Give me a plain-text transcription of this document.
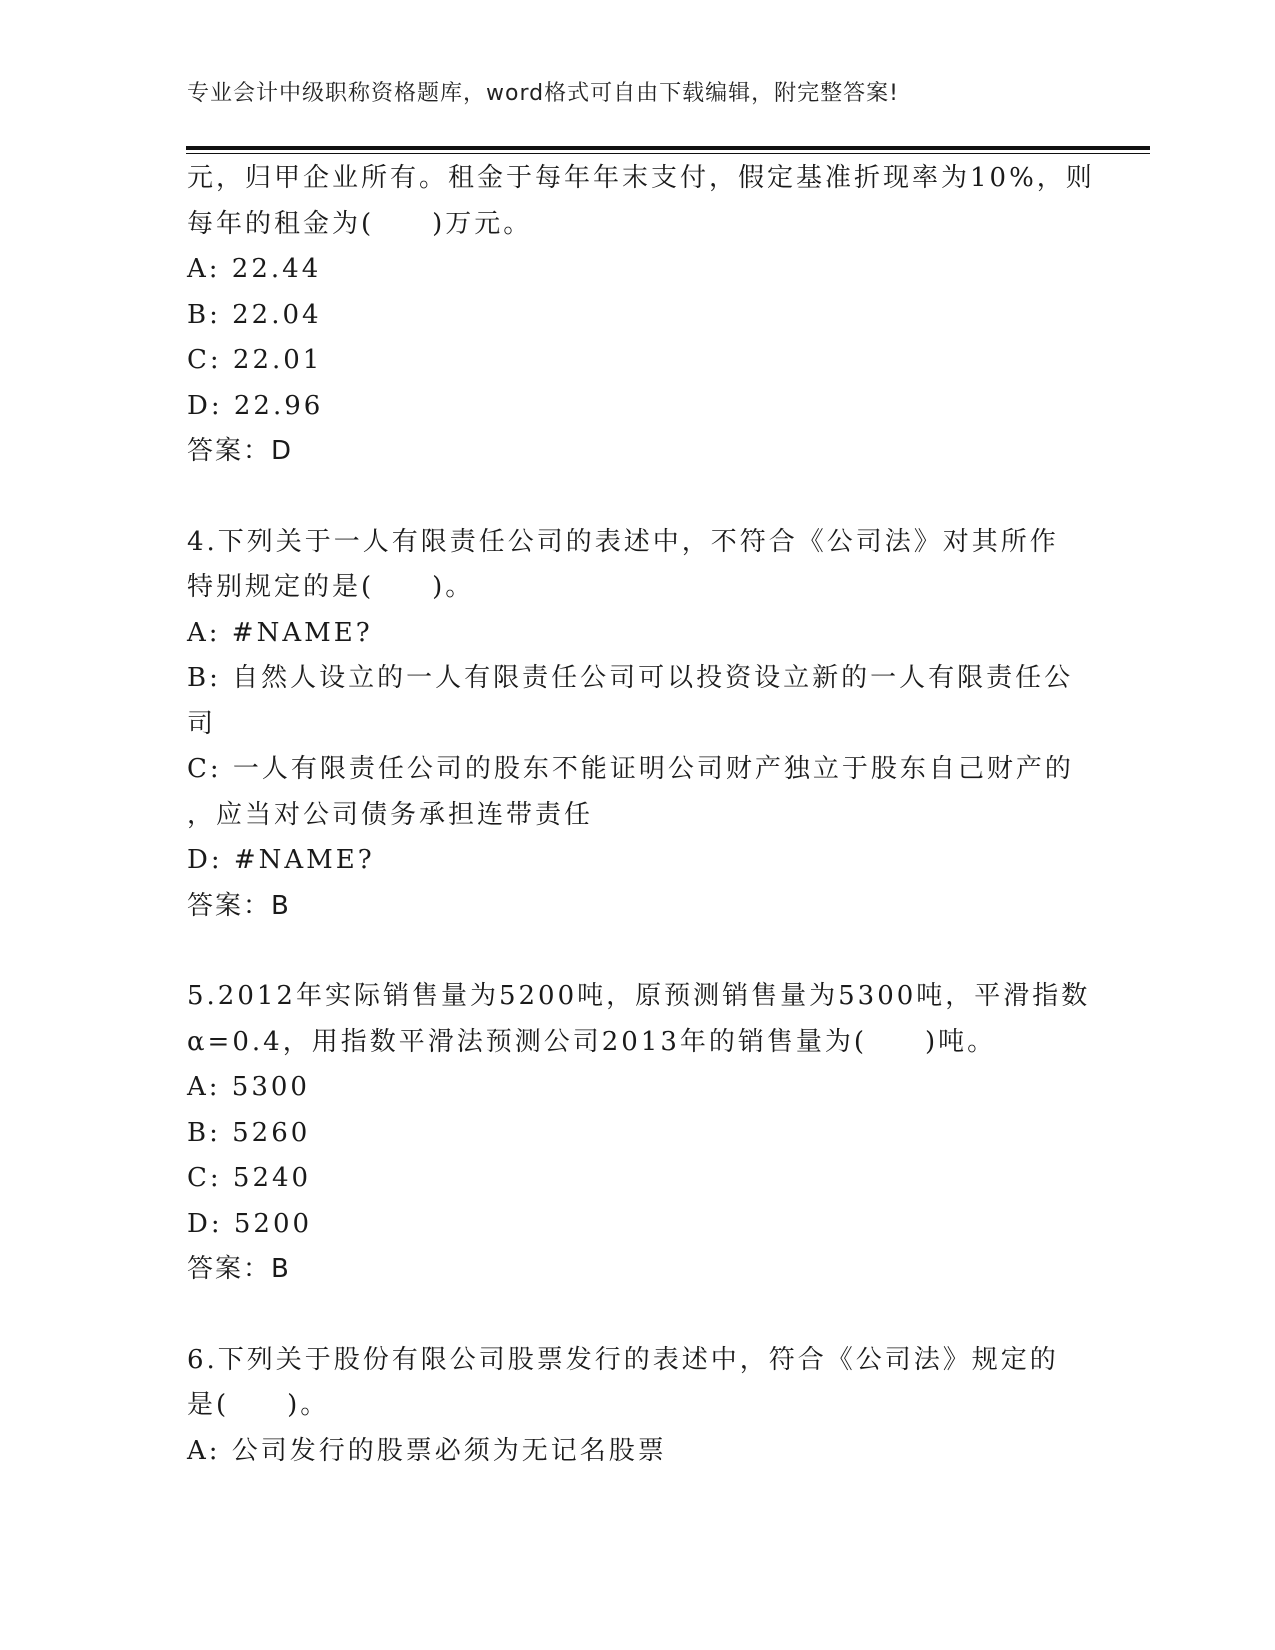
专业会计中级职称资格题库，word格式可自由下载编辑，附完整答案!
元，归甲企业所有。租金于每年年末支付，假定基准折现率为10%，则
每年的租金为(　　)万元。
A: 22.44
B: 22.04
C: 22.01
D: 22.96
答案：D
4.下列关于一人有限责任公司的表述中，不符合《公司法》对其所作
特别规定的是(　　)。
A: #NAME?
B: 自然人设立的一人有限责任公司可以投资设立新的一人有限责任公
司
C: 一人有限责任公司的股东不能证明公司财产独立于股东自己财产的
，应当对公司债务承担连带责任
D: #NAME?
答案：B
5.2012年实际销售量为5200吨，原预测销售量为5300吨，平滑指数
α=0.4，用指数平滑法预测公司2013年的销售量为(　　)吨。
A: 5300
B: 5260
C: 5240
D: 5200
答案：B
6.下列关于股份有限公司股票发行的表述中，符合《公司法》规定的
是(　　)。
A: 公司发行的股票必须为无记名股票
